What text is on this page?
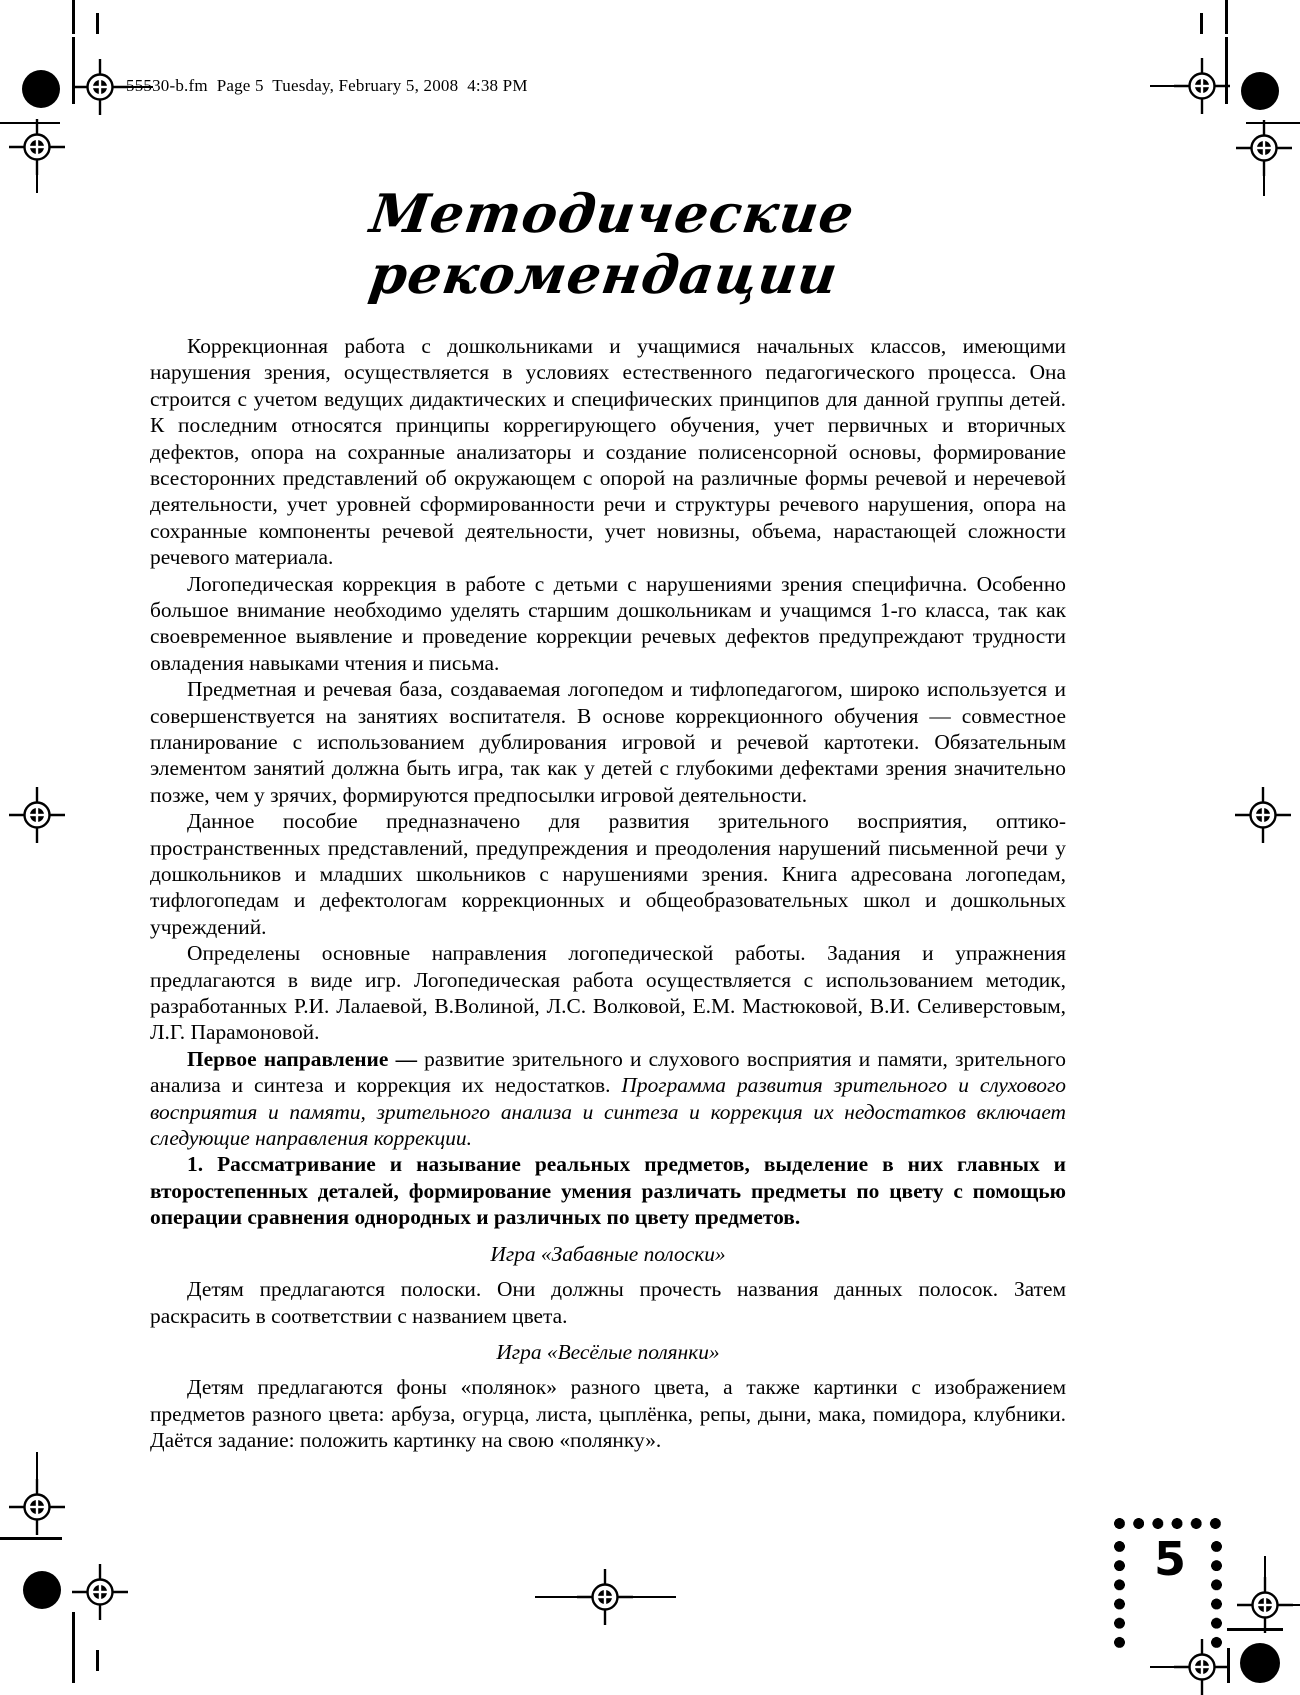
55530-b.fm  Page 5  Tuesday, February 5, 2008  4:38 PM
Методические рекомендации

Коррекционная работа с дошкольниками и учащимися начальных классов, имеющими нарушения зрения, осуществляется в условиях естественного педагогического процесса. Она строится с учетом ведущих дидактических и специфических принципов для данной группы детей. К последним относятся принципы коррегирующего обучения, учет первичных и вторичных дефектов, опора на сохранные анализаторы и создание полисенсорной основы, формирование всесторонних представлений об окружающем с опорой на различные формы речевой и неречевой деятельности, учет уровней сформированности речи и структуры речевого нарушения, опора на сохранные компоненты речевой деятельности, учет новизны, объема, нарастающей сложности речевого материала.

Логопедическая коррекция в работе с детьми с нарушениями зрения специфична. Особенно большое внимание необходимо уделять старшим дошкольникам и учащимся 1-го класса, так как своевременное выявление и проведение коррекции речевых дефектов предупреждают трудности овладения навыками чтения и письма.

Предметная и речевая база, создаваемая логопедом и тифлопедагогом, широко используется и совершенствуется на занятиях воспитателя. В основе коррекционного обучения — совместное планирование с использованием дублирования игровой и речевой картотеки. Обязательным элементом занятий должна быть игра, так как у детей с глубокими дефектами зрения значительно позже, чем у зрячих, формируются предпосылки игровой деятельности.

Данное пособие предназначено для развития зрительного восприятия, оптико-пространственных представлений, предупреждения и преодоления нарушений письменной речи у дошкольников и младших школьников с нарушениями зрения. Книга адресована логопедам, тифлогопедам и дефектологам коррекционных и общеобразовательных школ и дошкольных учреждений.

Определены основные направления логопедической работы. Задания и упражнения предлагаются в виде игр. Логопедическая работа осуществляется с использованием методик, разработанных Р.И. Лалаевой, В.Волиной, Л.С. Волковой, Е.М. Мастюковой, В.И. Селиверстовым, Л.Г. Парамоновой.

Первое направление — развитие зрительного и слухового восприятия и памяти, зрительного анализа и синтеза и коррекция их недостатков. Программа развития зрительного и слухового восприятия и памяти, зрительного анализа и синтеза и коррекция их недостатков включает следующие направления коррекции.

1. Рассматривание и называние реальных предметов, выделение в них главных и второстепенных деталей, формирование умения различать предметы по цвету с помощью операции сравнения однородных и различных по цвету предметов.

Игра «Забавные полоски»

Детям предлагаются полоски. Они должны прочесть названия данных полосок. Затем раскрасить в соответствии с названием цвета.

Игра «Весёлые полянки»

Детям предлагаются фоны «полянок» разного цвета, а также картинки с изображением предметов разного цвета: арбуза, огурца, листа, цыплёнка, репы, дыни, мака, помидора, клубники. Даётся задание: положить картинку на свою «полянку».

5
